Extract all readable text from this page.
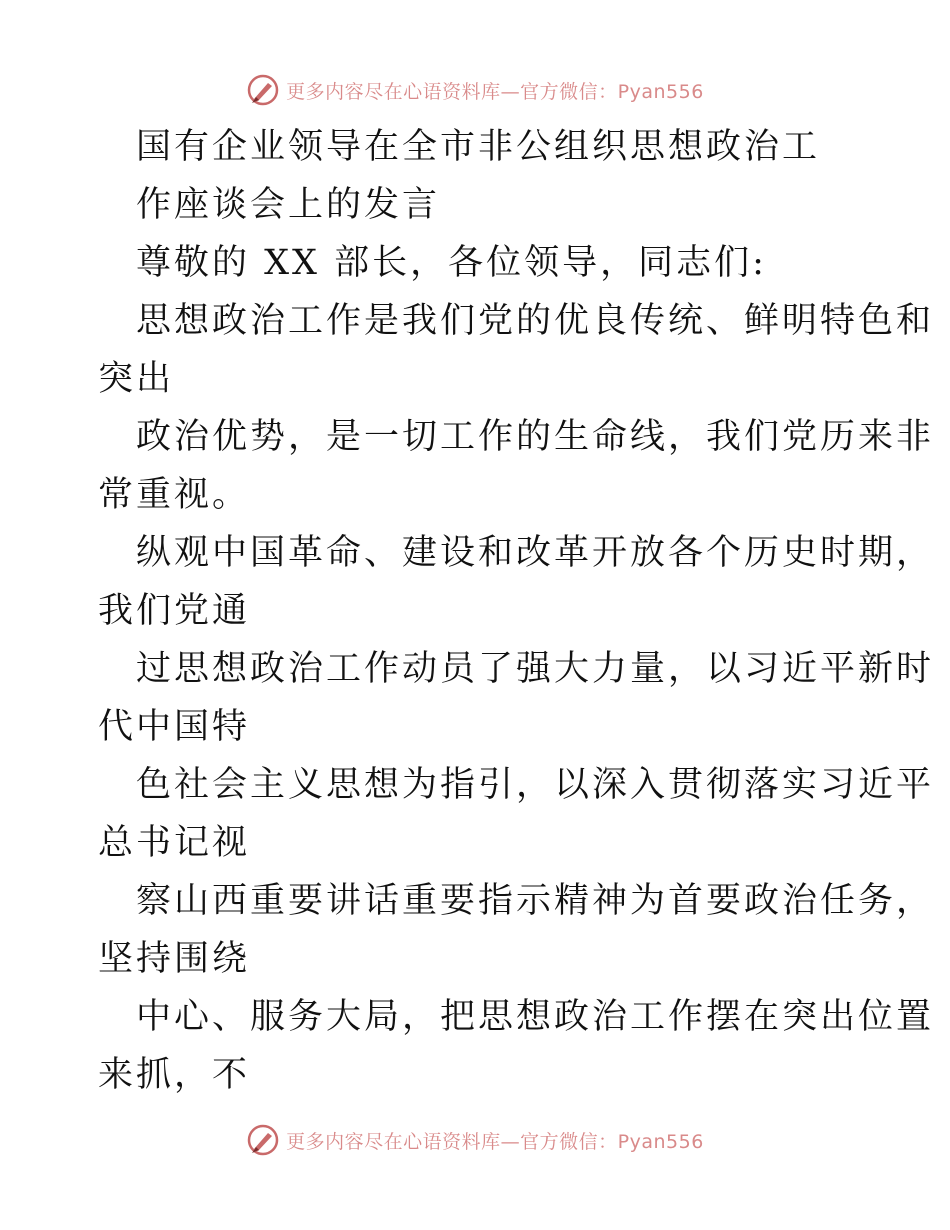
更多内容尽在心语资料库—官方微信：Pyan556
国有企业领导在全市非公组织思想政治工
作座谈会上的发言
尊敬的 XX 部长，各位领导，同志们:
思想政治工作是我们党的优良传统、鲜明特色和
突出
政治优势，是一切工作的生命线，我们党历来非
常重视。
纵观中国革命、建设和改革开放各个历史时期，
我们党通
过思想政治工作动员了强大力量，以习近平新时
代中国特
色社会主义思想为指引，以深入贯彻落实习近平
总书记视
察山西重要讲话重要指示精神为首要政治任务，
坚持围绕
中心、服务大局，把思想政治工作摆在突出位置
来抓，不
更多内容尽在心语资料库—官方微信：Pyan556
